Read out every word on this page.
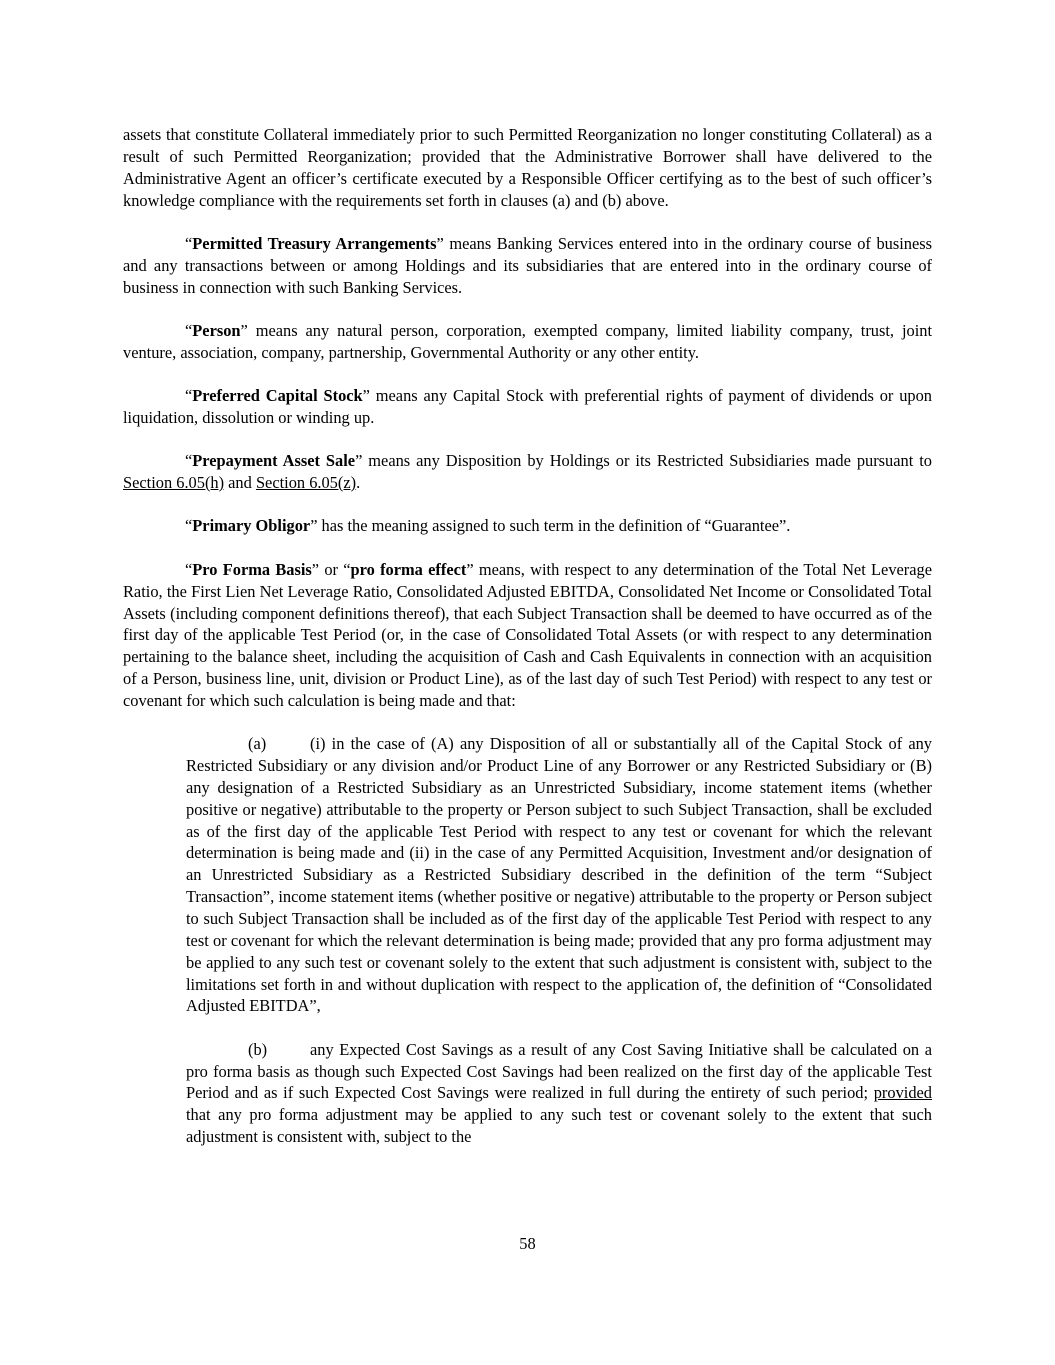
assets that constitute Collateral immediately prior to such Permitted Reorganization no longer constituting Collateral) as a result of such Permitted Reorganization; provided that the Administrative Borrower shall have delivered to the Administrative Agent an officer’s certificate executed by a Responsible Officer certifying as to the best of such officer’s knowledge compliance with the requirements set forth in clauses (a) and (b) above.

“Permitted Treasury Arrangements” means Banking Services entered into in the ordinary course of business and any transactions between or among Holdings and its subsidiaries that are entered into in the ordinary course of business in connection with such Banking Services.

“Person” means any natural person, corporation, exempted company, limited liability company, trust, joint venture, association, company, partnership, Governmental Authority or any other entity.

“Preferred Capital Stock” means any Capital Stock with preferential rights of payment of dividends or upon liquidation, dissolution or winding up.

“Prepayment Asset Sale” means any Disposition by Holdings or its Restricted Subsidiaries made pursuant to Section 6.05(h) and Section 6.05(z).

“Primary Obligor” has the meaning assigned to such term in the definition of “Guarantee”.

“Pro Forma Basis” or “pro forma effect” means, with respect to any determination of the Total Net Leverage Ratio, the First Lien Net Leverage Ratio, Consolidated Adjusted EBITDA, Consolidated Net Income or Consolidated Total Assets (including component definitions thereof), that each Subject Transaction shall be deemed to have occurred as of the first day of the applicable Test Period (or, in the case of Consolidated Total Assets (or with respect to any determination pertaining to the balance sheet, including the acquisition of Cash and Cash Equivalents in connection with an acquisition of a Person, business line, unit, division or Product Line), as of the last day of such Test Period) with respect to any test or covenant for which such calculation is being made and that:

(a)	(i) in the case of (A) any Disposition of all or substantially all of the Capital Stock of any Restricted Subsidiary or any division and/or Product Line of any Borrower or any Restricted Subsidiary or (B) any designation of a Restricted Subsidiary as an Unrestricted Subsidiary, income statement items (whether positive or negative) attributable to the property or Person subject to such Subject Transaction, shall be excluded as of the first day of the applicable Test Period with respect to any test or covenant for which the relevant determination is being made and (ii) in the case of any Permitted Acquisition, Investment and/or designation of an Unrestricted Subsidiary as a Restricted Subsidiary described in the definition of the term “Subject Transaction”, income statement items (whether positive or negative) attributable to the property or Person subject to such Subject Transaction shall be included as of the first day of the applicable Test Period with respect to any test or covenant for which the relevant determination is being made; provided that any pro forma adjustment may be applied to any such test or covenant solely to the extent that such adjustment is consistent with, subject to the limitations set forth in and without duplication with respect to the application of, the definition of “Consolidated Adjusted EBITDA”,

(b)	any Expected Cost Savings as a result of any Cost Saving Initiative shall be calculated on a pro forma basis as though such Expected Cost Savings had been realized on the first day of the applicable Test Period and as if such Expected Cost Savings were realized in full during the entirety of such period; provided that any pro forma adjustment may be applied to any such test or covenant solely to the extent that such adjustment is consistent with, subject to the

58
